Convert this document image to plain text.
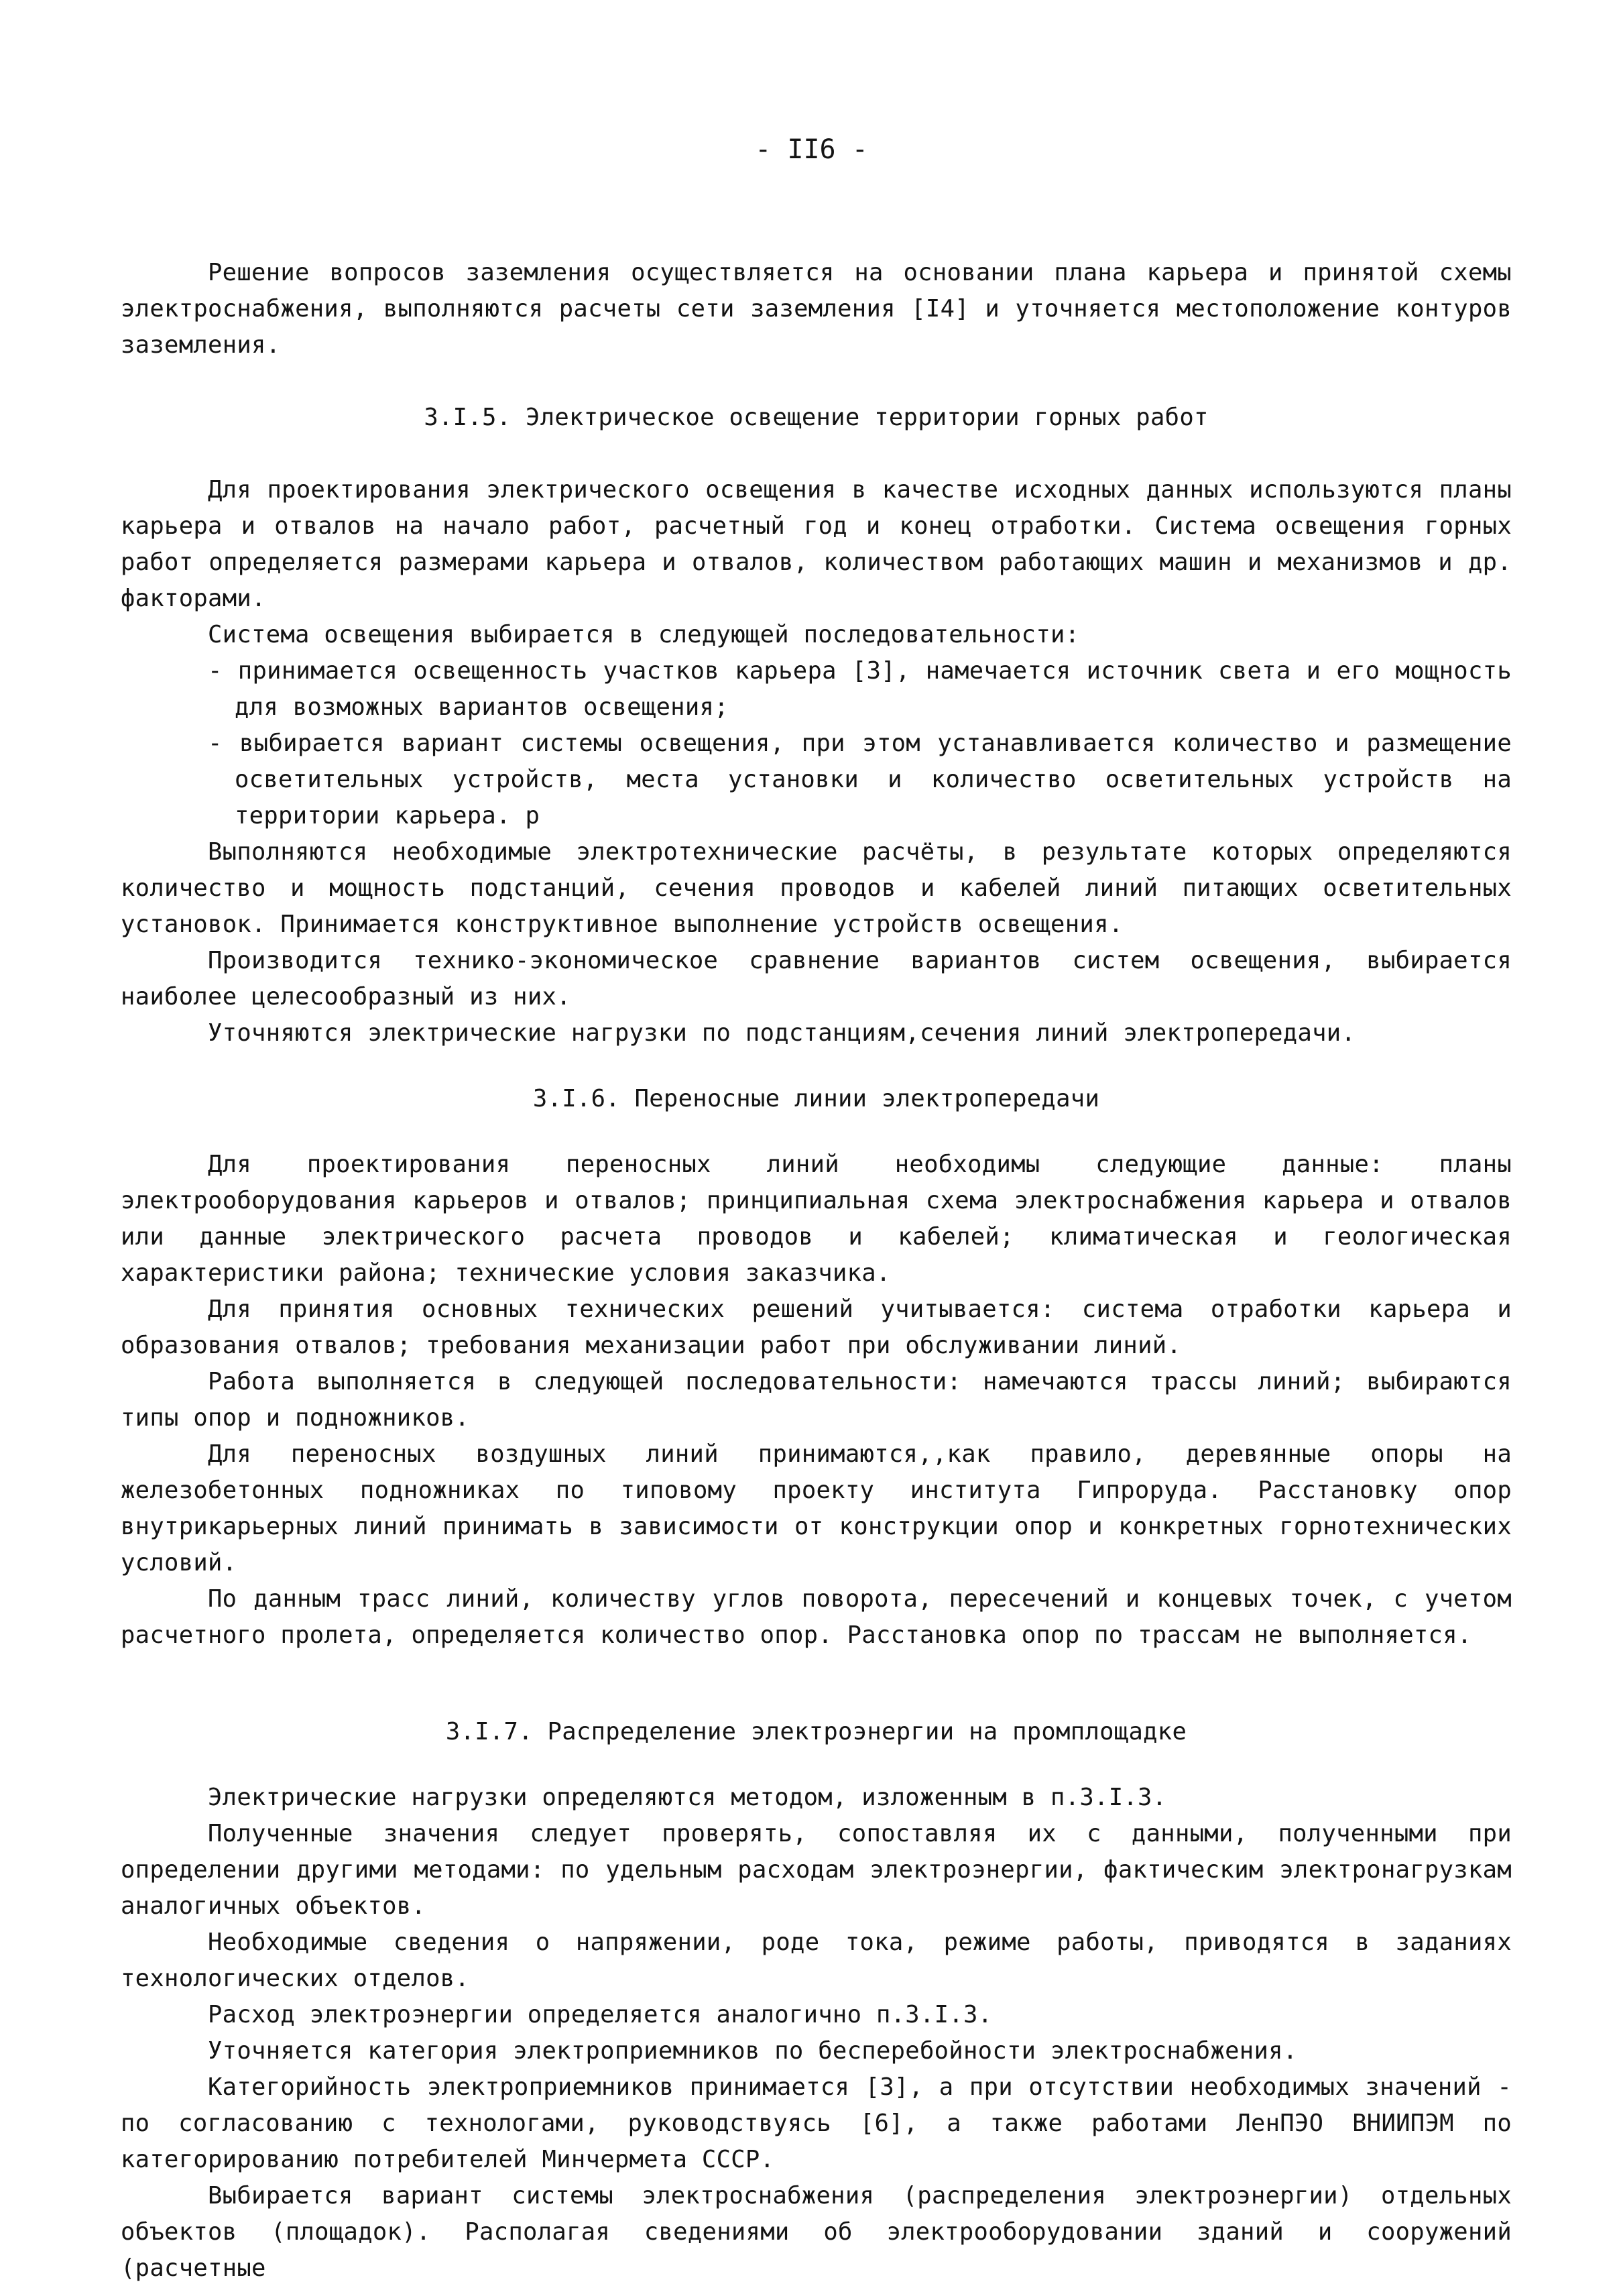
- II6 -

Решение вопросов заземления осуществляется на основании плана карьера и принятой схемы электроснабжения, выполняются расчеты сети заземления [I4] и уточняется местоположение контуров заземления.

3.I.5. Электрическое освещение территории горных работ

Для проектирования электрического освещения в качестве исходных данных используются планы карьера и отвалов на начало работ, расчетный год и конец отработки. Система освещения горных работ определяется размерами карьера и отвалов, количеством работающих машин и механизмов и др. факторами.

Система освещения выбирается в следующей последовательности:

- принимается освещенность участков карьера [3], намечается источник света и его мощность для возможных вариантов освещения;

- выбирается вариант системы освещения, при этом устанавливается количество и размещение осветительных устройств, места установки и количество осветительных устройств на территории карьера. р

Выполняются необходимые электротехнические расчёты, в результате которых определяются количество и мощность подстанций, сечения проводов и кабелей линий питающих осветительных установок. Принимается конструктивное выполнение устройств освещения.

Производится технико-экономическое сравнение вариантов систем освещения, выбирается наиболее целесообразный из них.

Уточняются электрические нагрузки по подстанциям,сечения линий электропередачи.

3.I.6. Переносные линии электропередачи

Для проектирования переносных линий необходимы следующие данные: планы электрооборудования карьеров и отвалов; принципиальная схема электроснабжения карьера и отвалов или данные электрического расчета проводов и кабелей; климатическая и геологическая характеристики района; технические условия заказчика.

Для принятия основных технических решений учитывается: система отработки карьера и образования отвалов; требования механизации работ при обслуживании линий.

Работа выполняется в следующей последовательности: намечаются трассы линий; выбираются типы опор и подножников.

Для переносных воздушных линий принимаются,,как правило, деревянные опоры на железобетонных подножниках по типовому проекту института Гипроруда. Расстановку опор внутрикарьерных линий принимать в зависимости от конструкции опор и конкретных горнотехнических условий.

По данным трасс линий, количеству углов поворота, пересечений и концевых точек, с учетом расчетного пролета, определяется количество опор. Расстановка опор по трассам не выполняется.

3.I.7. Распределение электроэнергии на промплощадке

Электрические нагрузки определяются методом, изложенным в п.3.I.3.

Полученные значения следует проверять, сопоставляя их с данными, полученными при определении другими методами: по удельным расходам электроэнергии, фактическим электронагрузкам аналогичных объектов.

Необходимые сведения о напряжении, роде тока, режиме работы, приводятся в заданиях технологических отделов.

Расход электроэнергии определяется аналогично п.3.I.3.

Уточняется категория электроприемников по бесперебойности электроснабжения.

Категорийность электроприемников принимается [3], а при отсутствии необходимых значений - по согласованию с технологами, руководствуясь [6], а также работами ЛенПЭО ВНИИПЭМ по категорированию потребителей Минчермета СССР.

Выбирается вариант системы электроснабжения (распределения электроэнергии) отдельных объектов (площадок). Располагая сведениями об электрооборудовании зданий и сооружений (расчетные
